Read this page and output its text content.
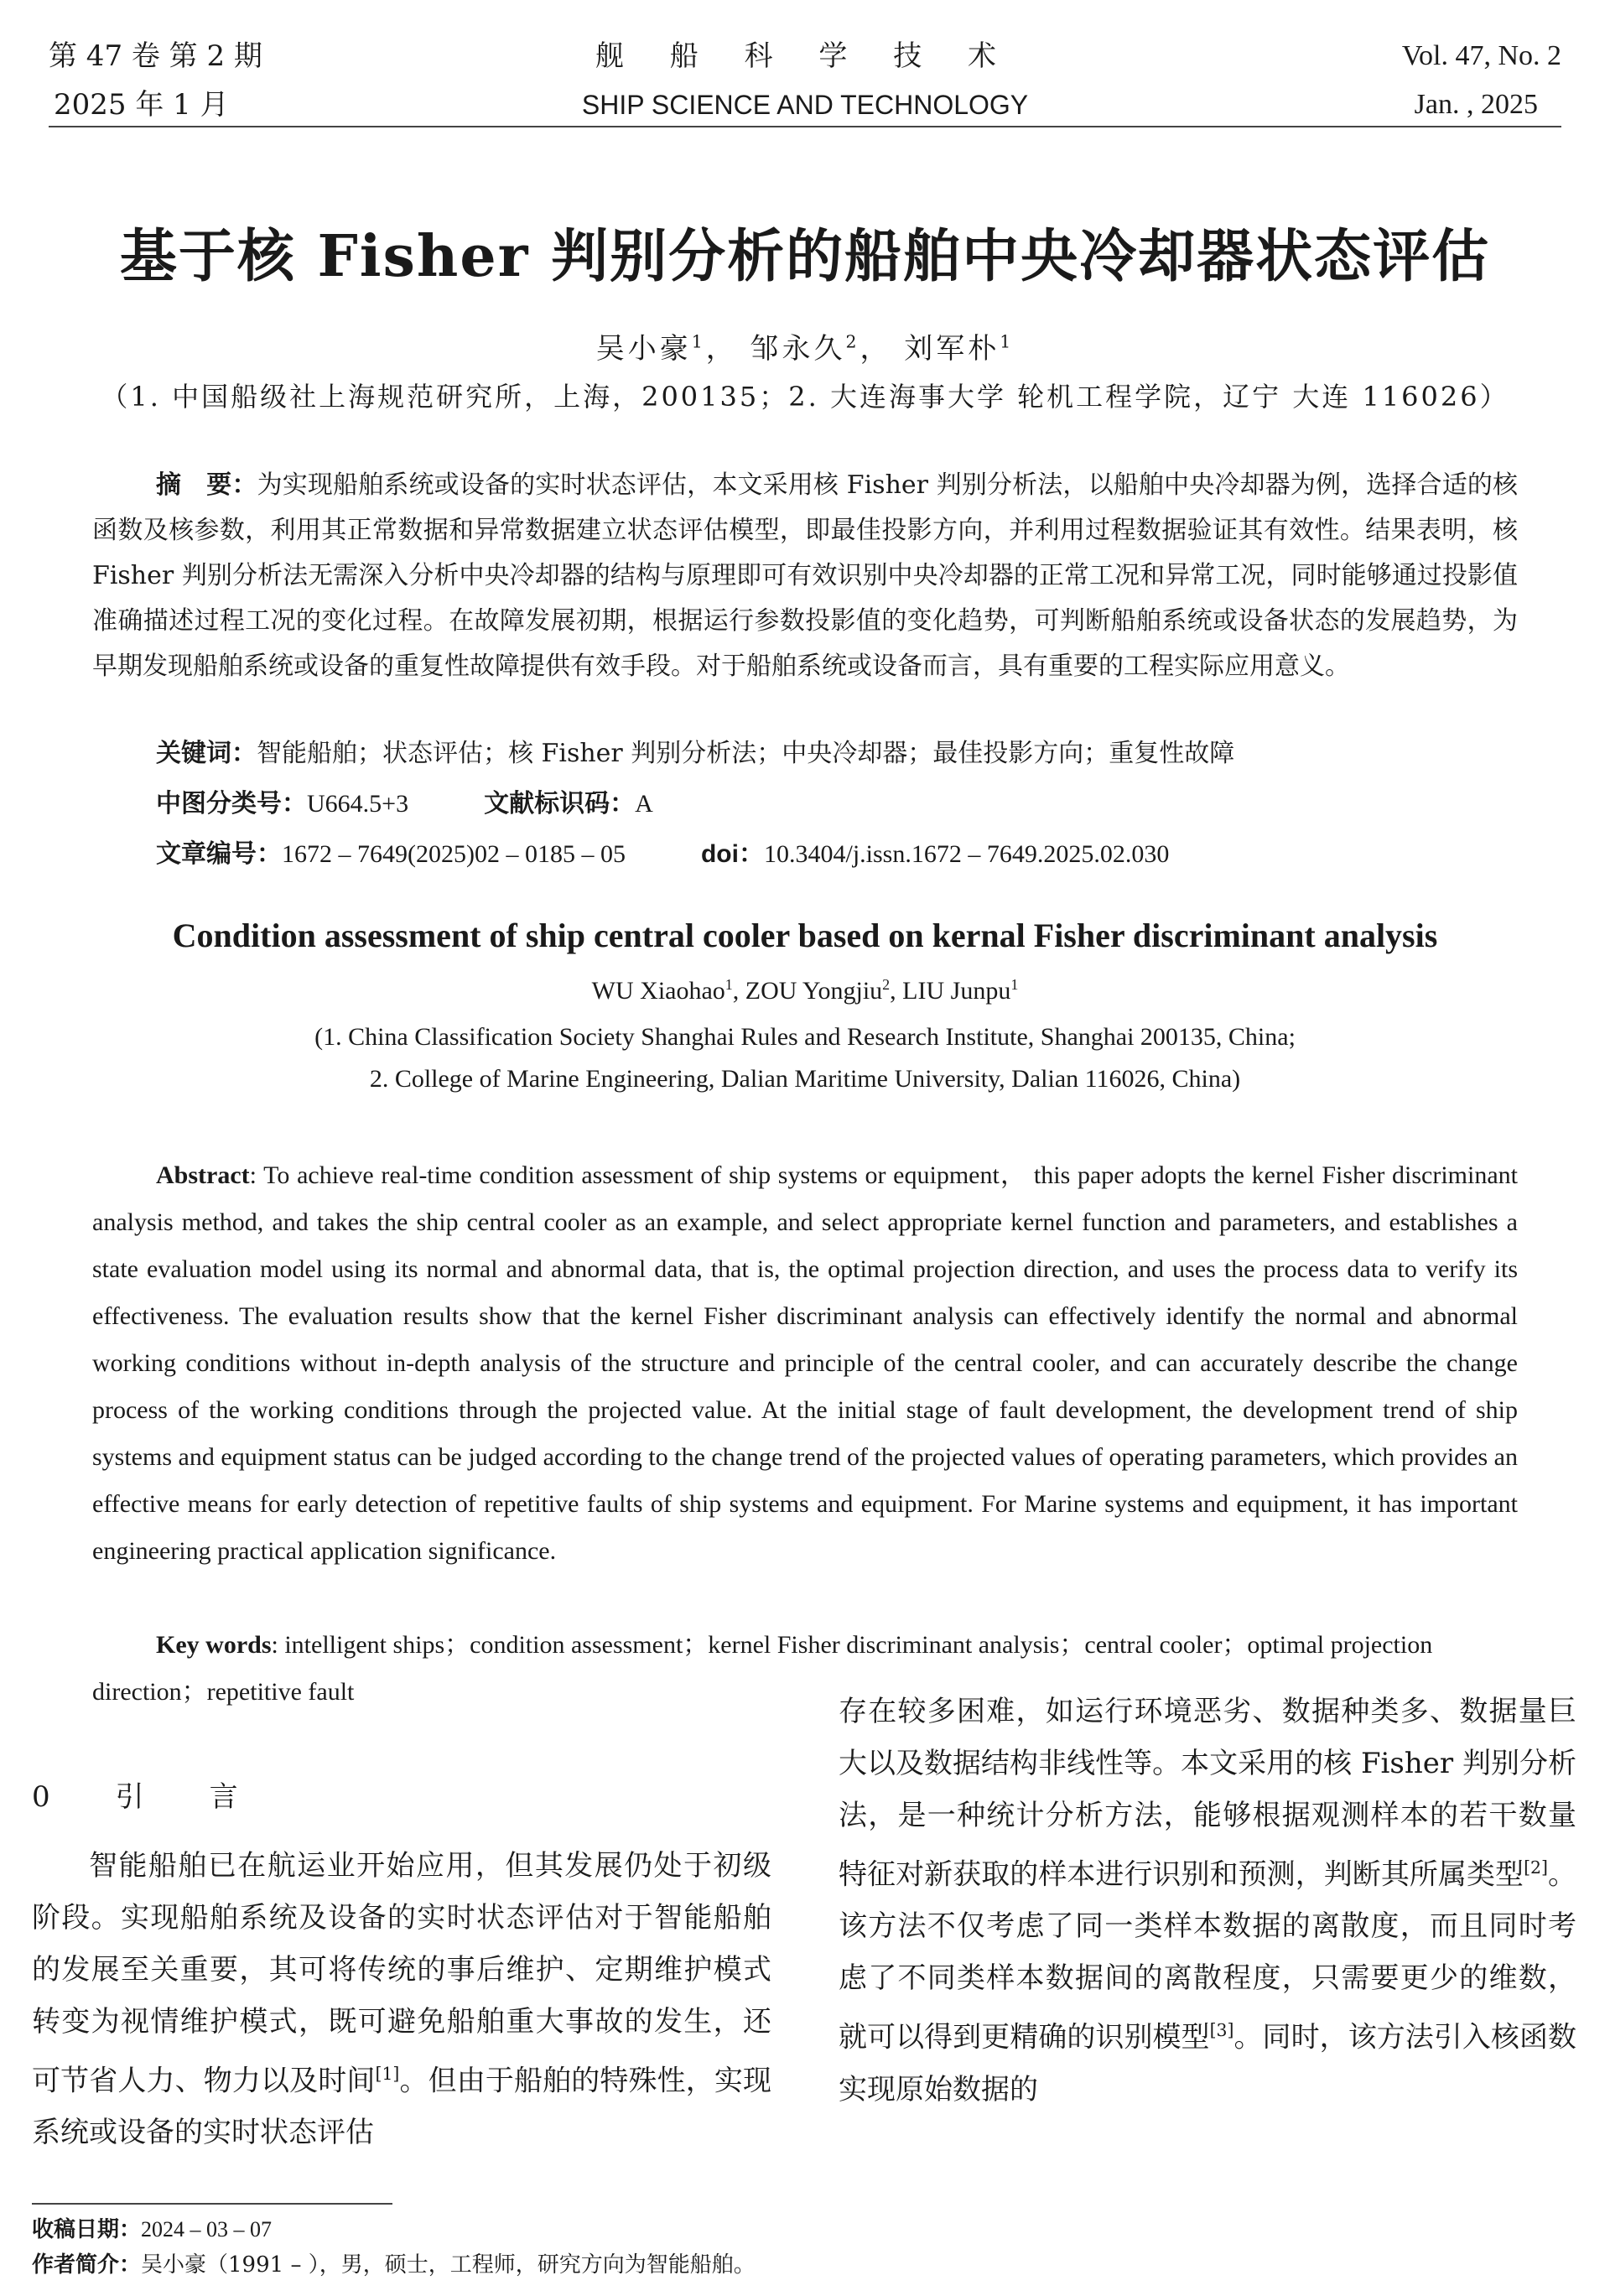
第 47 卷 第 2 期
2025 年 1 月
舰 船 科 学 技 术
SHIP SCIENCE AND TECHNOLOGY
Vol. 47, No. 2
Jan. , 2025
基于核 Fisher 判别分析的船舶中央冷却器状态评估
吴小豪$^1$， 邹永久$^2$， 刘军朴$^1$
（1. 中国船级社上海规范研究所，上海，200135；2. 大连海事大学 轮机工程学院，辽宁 大连 116026）
摘　要：为实现船舶系统或设备的实时状态评估，本文采用核 Fisher 判别分析法，以船舶中央冷却器为例，选择合适的核函数及核参数，利用其正常数据和异常数据建立状态评估模型，即最佳投影方向，并利用过程数据验证其有效性。结果表明，核 Fisher 判别分析法无需深入分析中央冷却器的结构与原理即可有效识别中央冷却器的正常工况和异常工况，同时能够通过投影值准确描述过程工况的变化过程。在故障发展初期，根据运行参数投影值的变化趋势，可判断船舶系统或设备状态的发展趋势，为早期发现船舶系统或设备的重复性故障提供有效手段。对于船舶系统或设备而言，具有重要的工程实际应用意义。
关键词：智能船舶；状态评估；核 Fisher 判别分析法；中央冷却器；最佳投影方向；重复性故障
中图分类号：U664.5+3	文献标识码：A
文章编号：1672 – 7649(2025)02 – 0185 – 05	doi：10.3404/j.issn.1672 – 7649.2025.02.030
Condition assessment of ship central cooler based on kernal Fisher discriminant analysis
WU Xiaohao$^1$, ZOU Yongjiu$^2$, LIU Junpu$^1$
(1. China Classification Society Shanghai Rules and Research Institute, Shanghai 200135, China;
2. College of Marine Engineering, Dalian Maritime University, Dalian 116026, China)
Abstract: To achieve real-time condition assessment of ship systems or equipment， this paper adopts the kernel Fisher discriminant analysis method, and takes the ship central cooler as an example, and select appropriate kernel function and parameters, and establishes a state evaluation model using its normal and abnormal data, that is, the optimal projection direction, and uses the process data to verify its effectiveness. The evaluation results show that the kernel Fisher discriminant analysis can effectively identify the normal and abnormal working conditions without in-depth analysis of the structure and principle of the central cooler, and can accurately describe the change process of the working conditions through the projected value. At the initial stage of fault development, the development trend of ship systems and equipment status can be judged according to the change trend of the projected values of operating parameters, which provides an effective means for early detection of repetitive faults of ship systems and equipment. For Marine systems and equipment, it has important engineering practical application significance.
Key words: intelligent ships；condition assessment；kernel Fisher discriminant analysis；central cooler；optimal projection direction；repetitive fault
0　引　言

智能船舶已在航运业开始应用，但其发展仍处于初级阶段。实现船舶系统及设备的实时状态评估对于智能船舶的发展至关重要，其可将传统的事后维护、定期维护模式转变为视情维护模式，既可避免船舶重大事故的发生，还可节省人力、物力以及时间[1]。但由于船舶的特殊性，实现系统或设备的实时状态评估

存在较多困难，如运行环境恶劣、数据种类多、数据量巨大以及数据结构非线性等。本文采用的核 Fisher 判别分析法，是一种统计分析方法，能够根据观测样本的若干数量特征对新获取的样本进行识别和预测，判断其所属类型[2]。该方法不仅考虑了同一类样本数据的离散度，而且同时考虑了不同类样本数据间的离散程度，只需要更少的维数，就可以得到更精确的识别模型[3]。同时，该方法引入核函数实现原始数据的
收稿日期：2024 – 03 – 07
作者简介：吴小豪（1991 – ），男，硕士，工程师，研究方向为智能船舶。
